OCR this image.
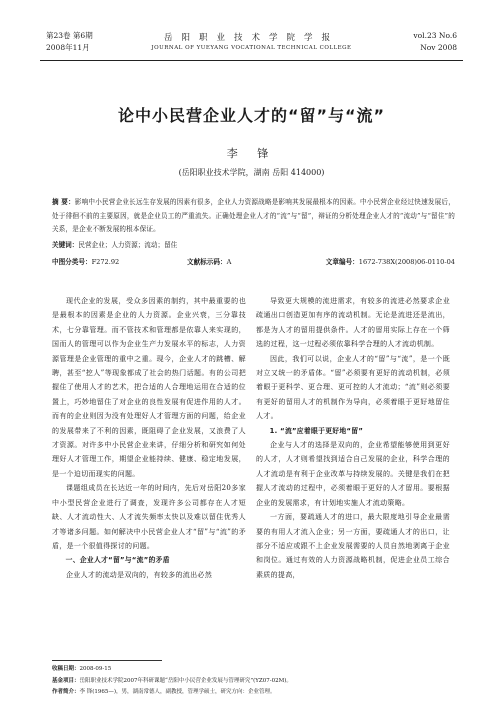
第23卷 第6期
2008年11月
岳阳职业技术学院学报
JOURNAL OF YUEYANG VOCATIONAL TECHNICAL COLLEGE
vol.23 No.6
Nov 2008
论中小民营企业人才的“留”与“流”
李 锋
(岳阳职业技术学院，湖南 岳阳 414000)
摘 要：影响中小民营企业长远生存发展的因素有很多，企业人力资源战略是影响其发展最根本的因素。中小民营企业经过快速发展后，处于徘徊不前的主要原因，就是企业员工的严重流失。正确处理企业人才的“流”与“留”，辩证的分析处理企业人才的“流动”与“留住”的关系，是企业不断发展的根本保证。
关键词：民营企业；人力资源；流动；留住
中图分类号：F272.92	文献标示码：A	文章编号：1672-738X(2008)06-0110-04

现代企业的发展，受众多因素的制约，其中最重要的也是最根本的因素是企业的人力资源。企业兴衰，三分靠技术，七分靠管理。而不管技术和管理都是依靠人来实现的，国而人的管理可以作为企业生产力发展水平的标志，人力资源管理是企业管理的重中之重。现今，企业人才的跳槽、解聘，甚至“挖人”等现象都成了社会的热门话题。有的公司把握住了使用人才的艺术，把合适的人合理地运用在合适的位置上，巧妙地留住了对企业的良性发展有促进作用的人才。而有的企业则因为没有处理好人才管理方面的问题，给企业的发展带来了不利的因素，既阻碍了企业发展，又浪费了人才资源。对许多中小民营企业来讲，仔细分析和研究如何处理好人才管理工作，期望企业能持续、健康、稳定地发展，是一个迫切而现实的问题。

课题组成员在长达近一年的时间内，先后对岳阳20多家中小型民营企业进行了调查，发现许多公司都存在人才短缺、人才流动性大、人才流失频率太快以及难以留住优秀人才等诸多问题。如何解决中小民营企业人才“留”与“流”的矛盾，是一个很值得探讨的问题。

一、企业人才“留”与“流”的矛盾

企业人才的流动是双向的，有较多的流出必然

导致更大规模的流进需求，有较多的流进必然要求企业疏通出口创造更加有序的流动机制。无论是流进还是流出，都是为人才的留用提供条件。人才的留用实际上存在一个筛选的过程，这一过程必须依靠科学合理的人才流动机制。

因此，我们可以说，企业人才的“留”与“流”，是一个既对立又统一的矛盾体。“留”必须要有更好的流动机制，必须着眼于更科学、更合理、更可控的人才流动；“流”则必须要有更好的留用人才的机制作为导向，必须着眼于更好地留住人才。

1. “流”应着眼于更好地“留”

企业与人才的选择是双向的，企业希望能够使用到更好的人才，人才则希望找到适合自己发展的企业，科学合理的人才流动是有利于企业改革与持续发展的。关键是我们在把握人才流动的过程中，必须着眼于更好的人才留用。要根据企业的发展需求，有计划地实施人才流动策略。

一方面，要疏通人才的进口，最大限度地引导企业最需要的有用人才流入企业；另一方面，要疏通人才的出口，让部分不适应或跟不上企业发展需要的人员自然地剥离于企业和岗位。通过有效的人力资源战略机制，促进企业员工综合素质的提高，

收稿日期：2008-09-15
基金项目：岳阳职业技术学院2007年科研课题“岳阳中小民营企业发展与管理研究”(YZ07-02M)。
作者简介：李 锋(1965—)，男，湖南常德人，副教授，管理学硕士，研究方向：企业管理。
